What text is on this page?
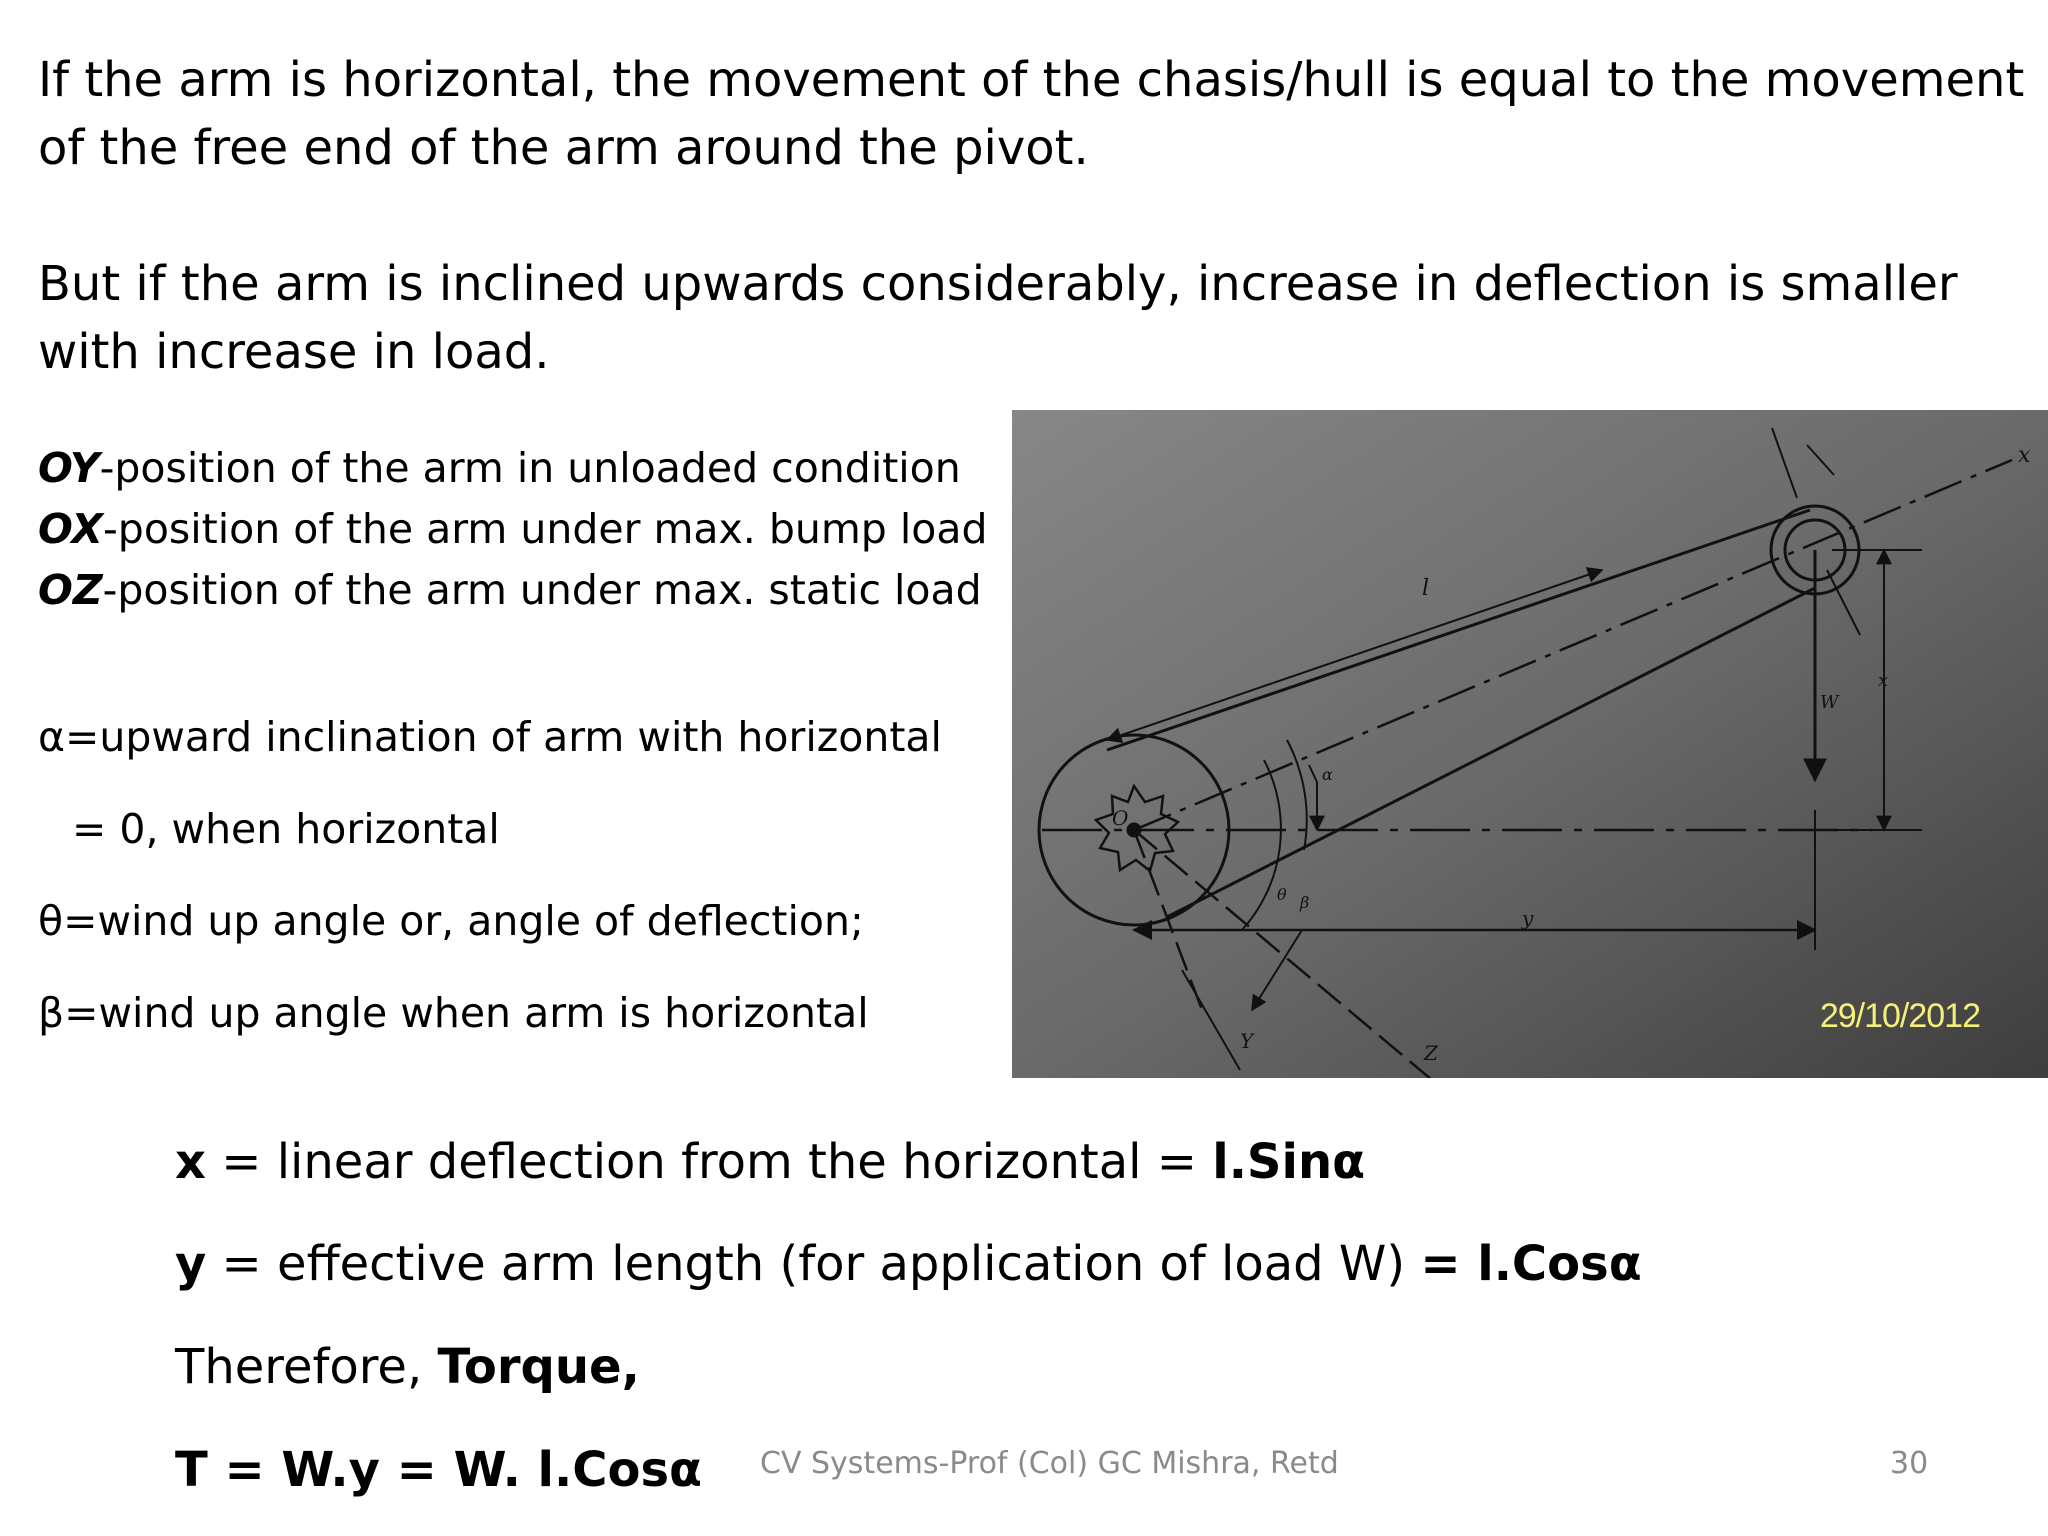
If the arm is horizontal, the movement of the chasis/hull is equal to the movement of the free end of the arm around the pivot.

But if the arm is inclined upwards considerably, increase in deflection is smaller with increase in load.

OY-position of the arm in unloaded condition

OX-position of the arm under max. bump load

OZ-position of the arm under max. static load

α=upward inclination of arm with horizontal

= 0, when horizontal

θ=wind up angle or, angle of deflection;

β=wind up angle when arm is horizontal

x
l
W
x
O
α
θ β
y
Y	Z
29/10/2012

x = linear deflection from the horizontal = l.Sinα

y = effective arm length (for application of load W) = l.Cosα

Therefore, Torque,

T = W.y = W. l.Cosα CV Systems-Prof (Col) GC Mishra, Retd	30
